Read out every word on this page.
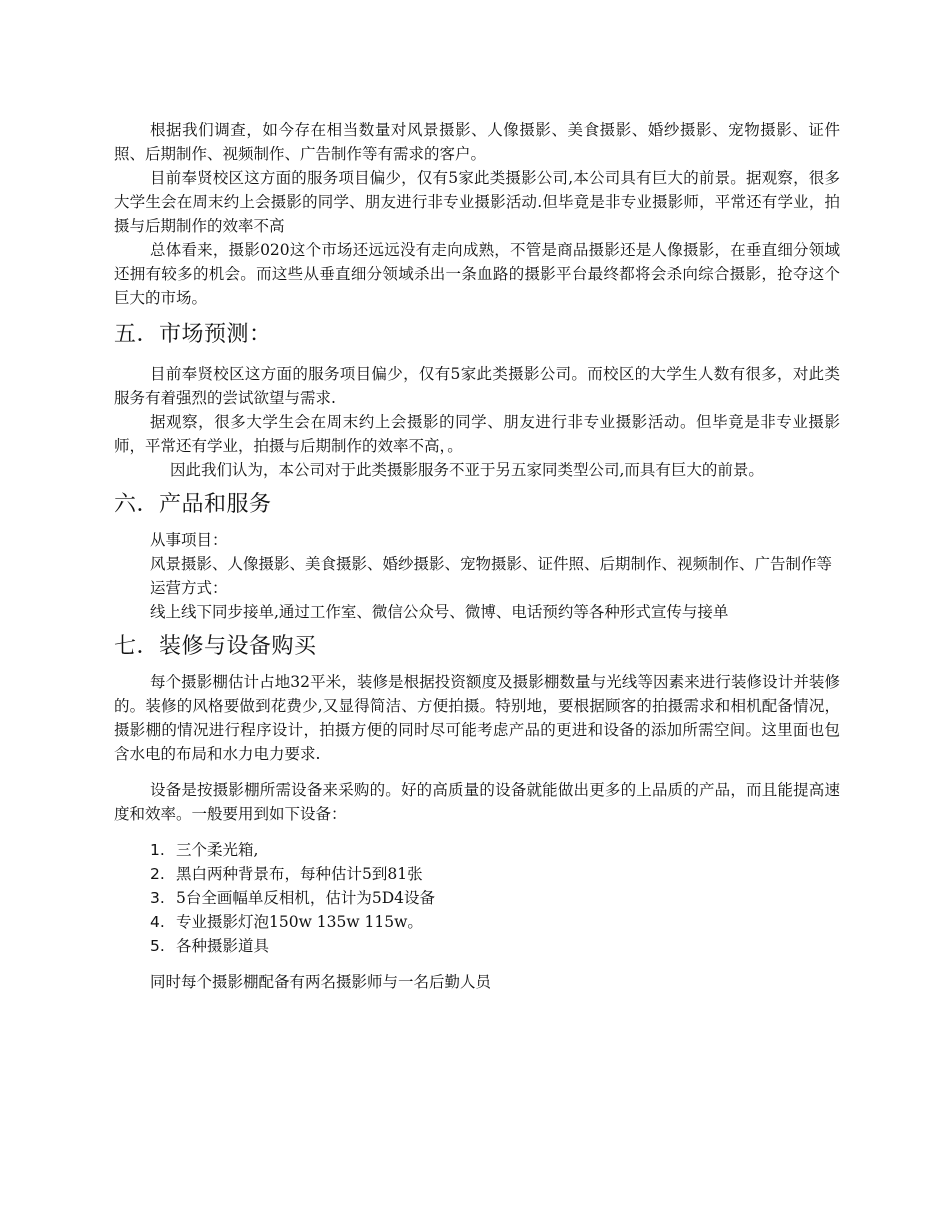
根据我们调查，如今存在相当数量对风景摄影、人像摄影、美食摄影、婚纱摄影、宠物摄影、证件照、后期制作、视频制作、广告制作等有需求的客户。

目前奉贤校区这方面的服务项目偏少，仅有5家此类摄影公司,本公司具有巨大的前景。据观察，很多大学生会在周末约上会摄影的同学、朋友进行非专业摄影活动.但毕竟是非专业摄影师，平常还有学业，拍摄与后期制作的效率不高

总体看来，摄影020这个市场还远远没有走向成熟，不管是商品摄影还是人像摄影，在垂直细分领域还拥有较多的机会。而这些从垂直细分领域杀出一条血路的摄影平台最终都将会杀向综合摄影，抢夺这个巨大的市场。

五．市场预测：

目前奉贤校区这方面的服务项目偏少，仅有5家此类摄影公司。而校区的大学生人数有很多，对此类服务有着强烈的尝试欲望与需求.

据观察，很多大学生会在周末约上会摄影的同学、朋友进行非专业摄影活动。但毕竟是非专业摄影师，平常还有学业，拍摄与后期制作的效率不高，。

因此我们认为，本公司对于此类摄影服务不亚于另五家同类型公司,而具有巨大的前景。

六．产品和服务

从事项目：

风景摄影、人像摄影、美食摄影、婚纱摄影、宠物摄影、证件照、后期制作、视频制作、广告制作等

运营方式：

线上线下同步接单,通过工作室、微信公众号、微博、电话预约等各种形式宣传与接单

七．装修与设备购买

每个摄影棚估计占地32平米，装修是根据投资额度及摄影棚数量与光线等因素来进行装修设计并装修的。装修的风格要做到花费少,又显得简洁、方便拍摄。特别地，要根据顾客的拍摄需求和相机配备情况，摄影棚的情况进行程序设计，拍摄方便的同时尽可能考虑产品的更进和设备的添加所需空间。这里面也包含水电的布局和水力电力要求.

设备是按摄影棚所需设备来采购的。好的高质量的设备就能做出更多的上品质的产品，而且能提高速度和效率。一般要用到如下设备：

1. 三个柔光箱,
2. 黑白两种背景布，每种估计5到81张
3. 5台全画幅单反相机，估计为5D4设备
4. 专业摄影灯泡150w 135w 115w。
5. 各种摄影道具

同时每个摄影棚配备有两名摄影师与一名后勤人员
